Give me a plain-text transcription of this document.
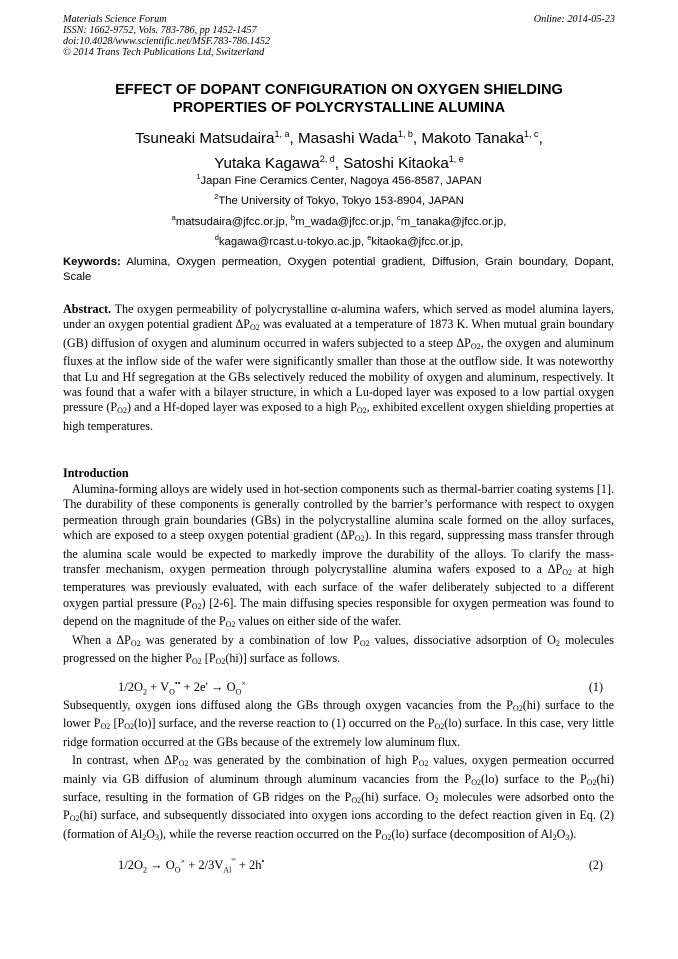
Materials Science Forum
ISSN: 1662-9752, Vols. 783-786, pp 1452-1457
doi:10.4028/www.scientific.net/MSF.783-786.1452
© 2014 Trans Tech Publications Ltd, Switzerland
Online: 2014-05-23
EFFECT OF DOPANT CONFIGURATION ON OXYGEN SHIELDING
PROPERTIES OF POLYCRYSTALLINE ALUMINA
Tsuneaki Matsudaira$^{1, a}$, Masashi Wada$^{1, b}$, Makoto Tanaka$^{1, c}$,
Yutaka Kagawa$^{2, d}$, Satoshi Kitaoka$^{1, e}$
$^1$Japan Fine Ceramics Center, Nagoya 456-8587, JAPAN
$^2$The University of Tokyo, Tokyo 153-8904, JAPAN
$^a$matsudaira@jfcc.or.jp, $^b$m_wada@jfcc.or.jp, $^c$m_tanaka@jfcc.or.jp,
$^d$kagawa@rcast.u-tokyo.ac.jp, $^e$kitaoka@jfcc.or.jp,
Keywords: Alumina, Oxygen permeation, Oxygen potential gradient, Diffusion, Grain boundary, Dopant, Scale

Abstract. The oxygen permeability of polycrystalline α-alumina wafers, which served as model alumina layers, under an oxygen potential gradient $\Delta P_{O2}$ was evaluated at a temperature of 1873 K. When mutual grain boundary (GB) diffusion of oxygen and aluminum occurred in wafers subjected to a steep $\Delta P_{O2}$, the oxygen and aluminum fluxes at the inflow side of the wafer were significantly smaller than those at the outflow side. It was noteworthy that Lu and Hf segregation at the GBs selectively reduced the mobility of oxygen and aluminum, respectively. It was found that a wafer with a bilayer structure, in which a Lu-doped layer was exposed to a low partial oxygen pressure $(P_{O2})$ and a Hf-doped layer was exposed to a high $P_{O2}$, exhibited excellent oxygen shielding properties at high temperatures.

Introduction

Alumina-forming alloys are widely used in hot-section components such as thermal-barrier coating systems [1]. The durability of these components is generally controlled by the barrier’s performance with respect to oxygen permeation through grain boundaries (GBs) in the polycrystalline alumina scale formed on the alloy surfaces, which are exposed to a steep oxygen potential gradient $(\Delta P_{O2})$. In this regard, suppressing mass transfer through the alumina scale would be expected to markedly improve the durability of the alloys. To clarify the mass-transfer mechanism, oxygen permeation through polycrystalline alumina wafers exposed to a $\Delta P_{O2}$ at high temperatures was previously evaluated, with each surface of the wafer deliberately subjected to a different oxygen partial pressure $(P_{O2})$ [2-6]. The main diffusing species responsible for oxygen permeation was found to depend on the magnitude of the $P_{O2}$ values on either side of the wafer.

When a $\Delta P_{O2}$ was generated by a combination of low $P_{O2}$ values, dissociative adsorption of $O_2$ molecules progressed on the higher $P_{O2}$ $[P_{O2}(hi)]$ surface as follows.

$1/2O_2 + V_O^{••} + 2e' \to O_O^\times$	(1)

Subsequently, oxygen ions diffused along the GBs through oxygen vacancies from the $P_{O2}(hi)$ surface to the lower $P_{O2}$ $[P_{O2}(lo)]$ surface, and the reverse reaction to (1) occurred on the $P_{O2}(lo)$ surface. In this case, very little ridge formation occurred at the GBs because of the extremely low aluminum flux.

In contrast, when $\Delta P_{O2}$ was generated by the combination of high $P_{O2}$ values, oxygen permeation occurred mainly via GB diffusion of aluminum through aluminum vacancies from the $P_{O2}(lo)$ surface to the $P_{O2}(hi)$ surface, resulting in the formation of GB ridges on the $P_{O2}(hi)$ surface. $O_2$ molecules were adsorbed onto the $P_{O2}(hi)$ surface, and subsequently dissociated into oxygen ions according to the defect reaction given in Eq. (2) (formation of $Al_2O_3$), while the reverse reaction occurred on the $P_{O2}(lo)$ surface (decomposition of $Al_2O_3$).

$1/2O_2 \to O_O^\times + 2/3V_{Al}''' + 2h^•$	(2)
